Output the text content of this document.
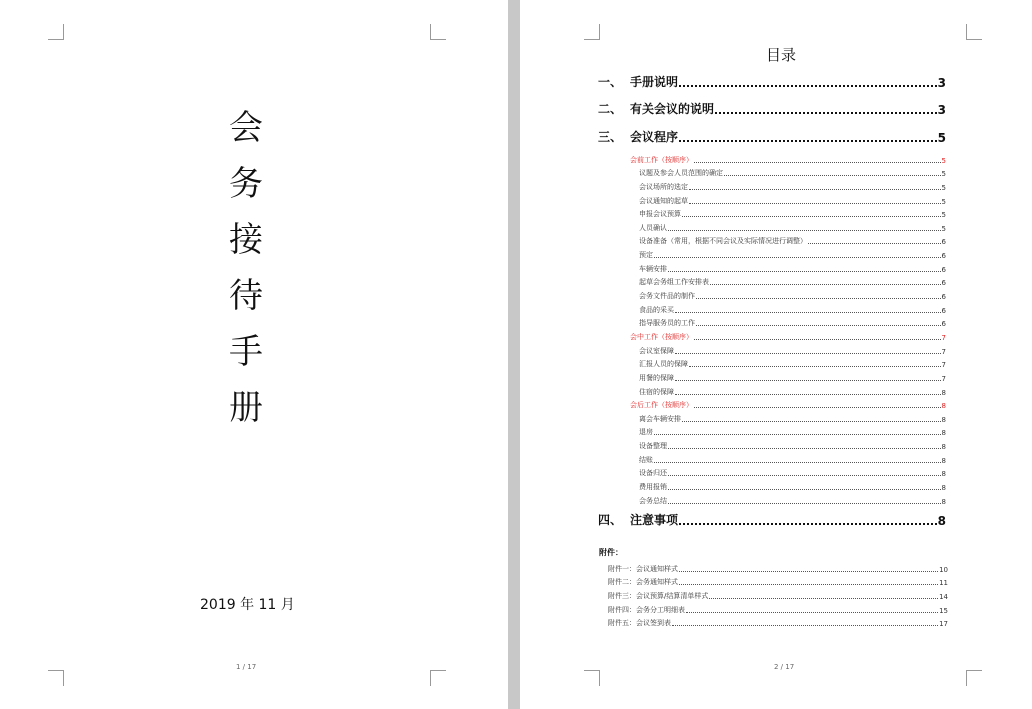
会
务
接
待
手
册
2019 年 11 月
1 / 17
目录
一、 手册说明	3
二、 有关会议的说明	3
三、 会议程序	5
会前工作（按顺序）	5
议题及参会人员范围的确定	5
会议场所的选定	5
会议通知的起草	5
申报会议预算	5
人员确认	5
设备准备（常用，根据不同会议及实际情况进行调整）	6
预定	6
车辆安排	6
起草会务组工作安排表	6
会务文件品的制作	6
食品的采买	6
指导服务员的工作	6
会中工作（按顺序）	7
会议室保障	7
汇报人员的保障	7
用餐的保障	7
住宿的保障	8
会后工作（按顺序）	8
离会车辆安排	8
退房	8
设备整理	8
结账	8
设备归还	8
费用报销	8
会务总结	8
四、 注意事项	8
附件：
附件一：会议通知样式	10
附件二：会务通知样式	11
附件三：会议预算/结算清单样式	14
附件四：会务分工明细表	15
附件五：会议签到表	17
2 / 17
